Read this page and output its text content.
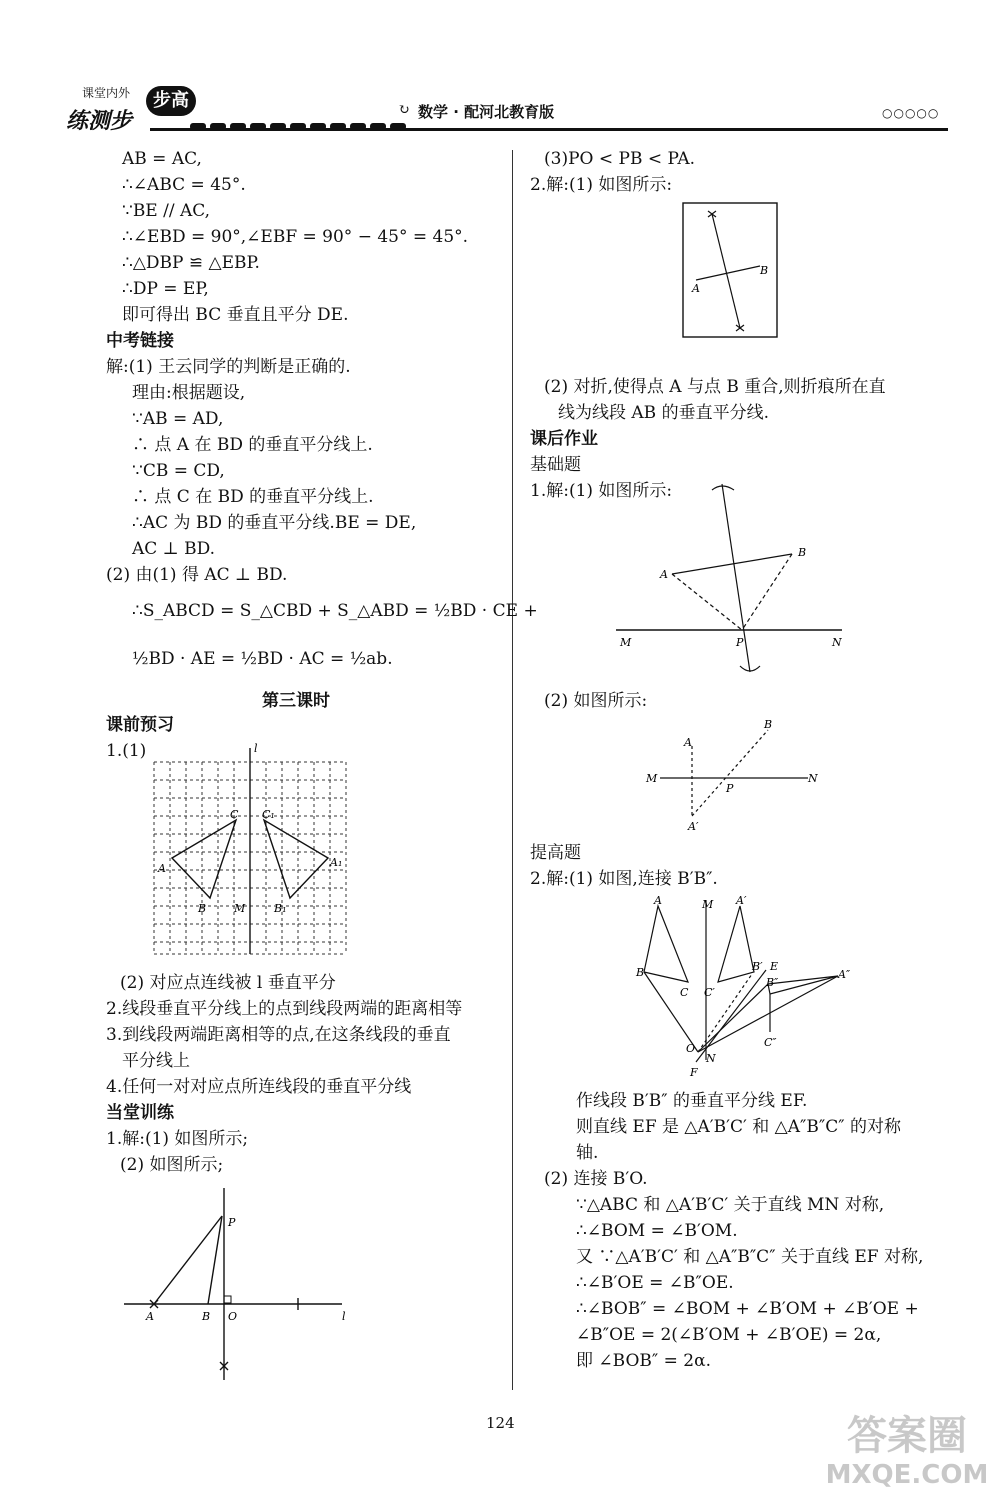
课堂内外
练测步
步高	↻ 数学 · 配河北教育版	○○○○○
AB = AC,
∴∠ABC = 45°.
∵BE // AC,
∴∠EBD = 90°,∠EBF = 90° − 45° = 45°.
∴△DBP ≌ △EBP.
∴DP = EP,
即可得出 BC 垂直且平分 DE.
中考链接
解:(1) 王云同学的判断是正确的.
理由:根据题设,
∵AB = AD,
∴ 点 A 在 BD 的垂直平分线上.
∵CB = CD,
∴ 点 C 在 BD 的垂直平分线上.
∴AC 为 BD 的垂直平分线.BE = DE,
AC ⊥ BD.
(2) 由(1) 得 AC ⊥ BD.
∴S_ABCD = S_△CBD + S_△ABD = ½BD · CE +
½BD · AE = ½BD · AC = ½ab.
第三课时
课前预习
1.(1)	l
C C₁
A	A₁
B	M	B₁
(2) 对应点连线被 l 垂直平分
2.线段垂直平分线上的点到线段两端的距离相等
3.到线段两端距离相等的点,在这条线段的垂直
平分线上
4.任何一对对应点所连线段的垂直平分线
当堂训练
1.解:(1) 如图所示;
(2) 如图所示;
P
A	B O	l
(3)PO < PB < PA.
2.解:(1) 如图所示:
A
B
(2) 对折,使得点 A 与点 B 重合,则折痕所在直
线为线段 AB 的垂直平分线.
课后作业
基础题
1.解:(1) 如图所示:
A
B
M	P	N
(2) 如图所示:
B
A
M
P
N
A′
提高题
2.解:(1) 如图,连接 B′B″.
A	M A′
B	B′ E
B″
A″
C C′
C″
O
N
F
作线段 B′B″ 的垂直平分线 EF.
则直线 EF 是 △A′B′C′ 和 △A″B″C″ 的对称
轴.
(2) 连接 B′O.
∵△ABC 和 △A′B′C′ 关于直线 MN 对称,
∴∠BOM = ∠B′OM.
又 ∵△A′B′C′ 和 △A″B″C″ 关于直线 EF 对称,
∴∠B′OE = ∠B″OE.
∴∠BOB″ = ∠BOM + ∠B′OM + ∠B′OE +
∠B″OE = 2(∠B′OM + ∠B′OE) = 2α,
即 ∠BOB″ = 2α.
124	答案圈
MXQE.COM
